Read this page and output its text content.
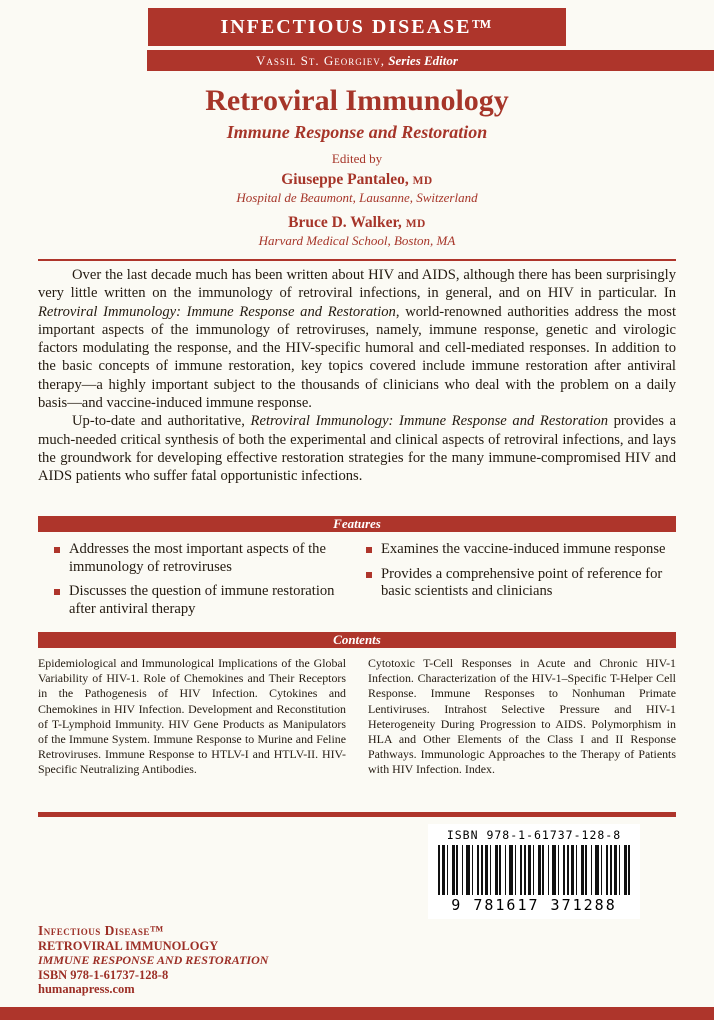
INFECTIOUS DISEASE™
Vassil St. Georgiev, Series Editor
Retroviral Immunology
Immune Response and Restoration
Edited by
Giuseppe Pantaleo, MD
Hospital de Beaumont, Lausanne, Switzerland
Bruce D. Walker, MD
Harvard Medical School, Boston, MA

Over the last decade much has been written about HIV and AIDS, although there has been surprisingly very little written on the immunology of retroviral infections, in general, and on HIV in particular. In Retroviral Immunology: Immune Response and Restoration, world-renowned authorities address the most important aspects of the immunology of retroviruses, namely, immune response, genetic and virologic factors modulating the response, and the HIV-specific humoral and cell-mediated responses. In addition to the basic concepts of immune restoration, key topics covered include immune restoration after antiviral therapy—a highly important subject to the thousands of clinicians who deal with the problem on a daily basis—and vaccine-induced immune response.

Up-to-date and authoritative, Retroviral Immunology: Immune Response and Restoration provides a much-needed critical synthesis of both the experimental and clinical aspects of retroviral infections, and lays the groundwork for developing effective restoration strategies for the many immune-compromised HIV and AIDS patients who suffer fatal opportunistic infections.

Features
Addresses the most important aspects of the immunology of retroviruses
Discusses the question of immune restoration after antiviral therapy
Examines the vaccine-induced immune response
Provides a comprehensive point of reference for basic scientists and clinicians
Contents

Epidemiological and Immunological Implications of the Global Variability of HIV-1. Role of Chemokines and Their Receptors in the Pathogenesis of HIV Infection. Cytokines and Chemokines in HIV Infection. Development and Reconstitution of T-Lymphoid Immunity. HIV Gene Products as Manipulators of the Immune System. Immune Response to Murine and Feline Retroviruses. Immune Response to HTLV-I and HTLV-II. HIV-Specific Neutralizing Antibodies.

Cytotoxic T-Cell Responses in Acute and Chronic HIV-1 Infection. Characterization of the HIV-1–Specific T-Helper Cell Response. Immune Responses to Nonhuman Primate Lentiviruses. Intrahost Selective Pressure and HIV-1 Heterogeneity During Progression to AIDS. Polymorphism in HLA and Other Elements of the Class I and II Response Pathways. Immunologic Approaches to the Therapy of Patients with HIV Infection. Index.

ISBN 978-1-61737-128-8
9 781617 371288
Infectious Disease™
RETROVIRAL IMMUNOLOGY
IMMUNE RESPONSE AND RESTORATION
ISBN 978-1-61737-128-8
humanapress.com
